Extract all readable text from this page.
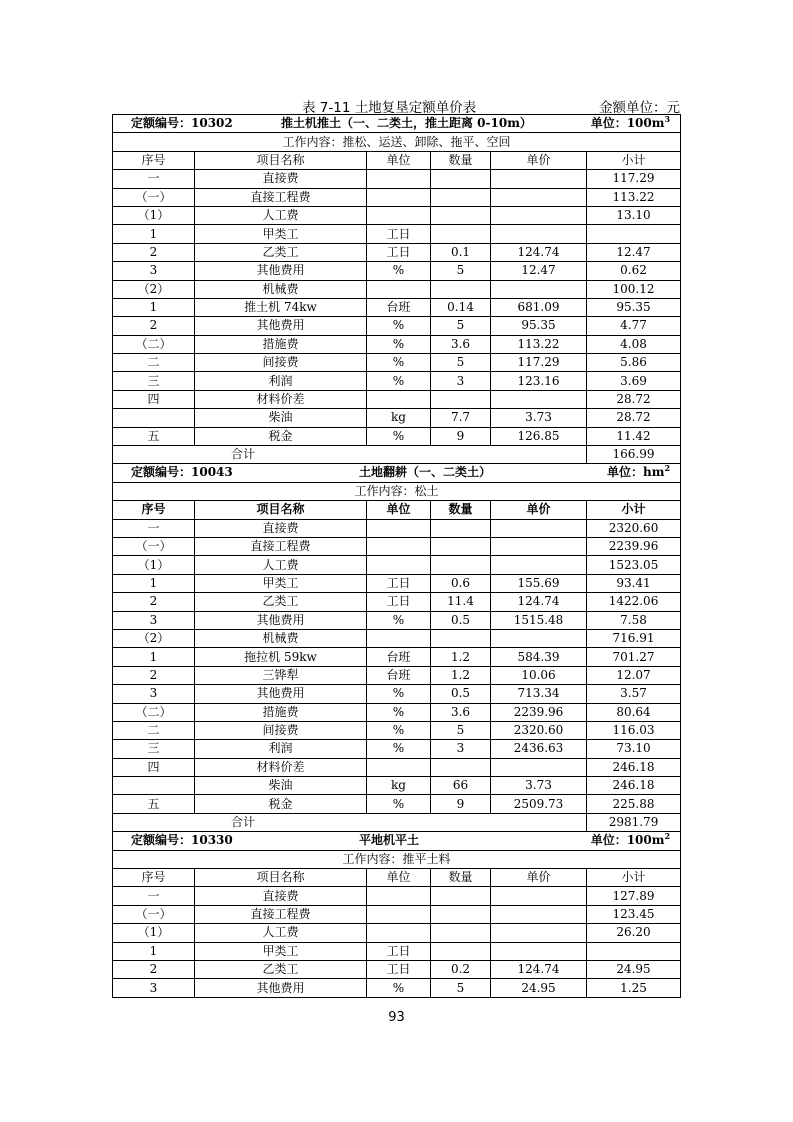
表 7-11 土地复垦定额单价表	金额单位：元
定额编号：10302 推土机推土（一、二类土，推土距离 0-10m） 单位：$100m^3$

工作内容：推松、运送、卸除、拖平、空回					
序号	项目名称	单位	数量	单价	小计
一	直接费				117.29
（一）	直接工程费				113.22
（1）	人工费				13.10
1	甲类工	工日			
2	乙类工	工日	0.1	124.74	12.47
3	其他费用	%	5	12.47	0.62
（2）	机械费				100.12
1	推土机 74kw	台班	0.14	681.09	95.35
2	其他费用	%	5	95.35	4.77
（二）	措施费	%	3.6	113.22	4.08
二	间接费	%	5	117.29	5.86
三	利润	%	3	123.16	3.69
四	材料价差				28.72
	柴油	kg	7.7	3.73	28.72
五	税金	%	9	126.85	11.42
合计					166.99

定额编号：10043 土地翻耕（一、二类土） 单位：$hm^2$

工作内容：松土					
序号	项目名称	单位	数量	单价	小计
一	直接费				2320.60
（一）	直接工程费				2239.96
（1）	人工费				1523.05
1	甲类工	工日	0.6	155.69	93.41
2	乙类工	工日	11.4	124.74	1422.06
3	其他费用	%	0.5	1515.48	7.58
（2）	机械费				716.91
1	拖拉机 59kw	台班	1.2	584.39	701.27
2	三铧犁	台班	1.2	10.06	12.07
3	其他费用	%	0.5	713.34	3.57
（二）	措施费	%	3.6	2239.96	80.64
二	间接费	%	5	2320.60	116.03
三	利润	%	3	2436.63	73.10
四	材料价差				246.18
	柴油	kg	66	3.73	246.18
五	税金	%	9	2509.73	225.88
合计					2981.79

定额编号：10330 平地机平土 单位：$100m^2$

工作内容：推平土料					
序号	项目名称	单位	数量	单价	小计
一	直接费				127.89
（一）	直接工程费				123.45
（1）	人工费				26.20
1	甲类工	工日			
2	乙类工	工日	0.2	124.74	24.95
3	其他费用	%	5	24.95	1.25
93
